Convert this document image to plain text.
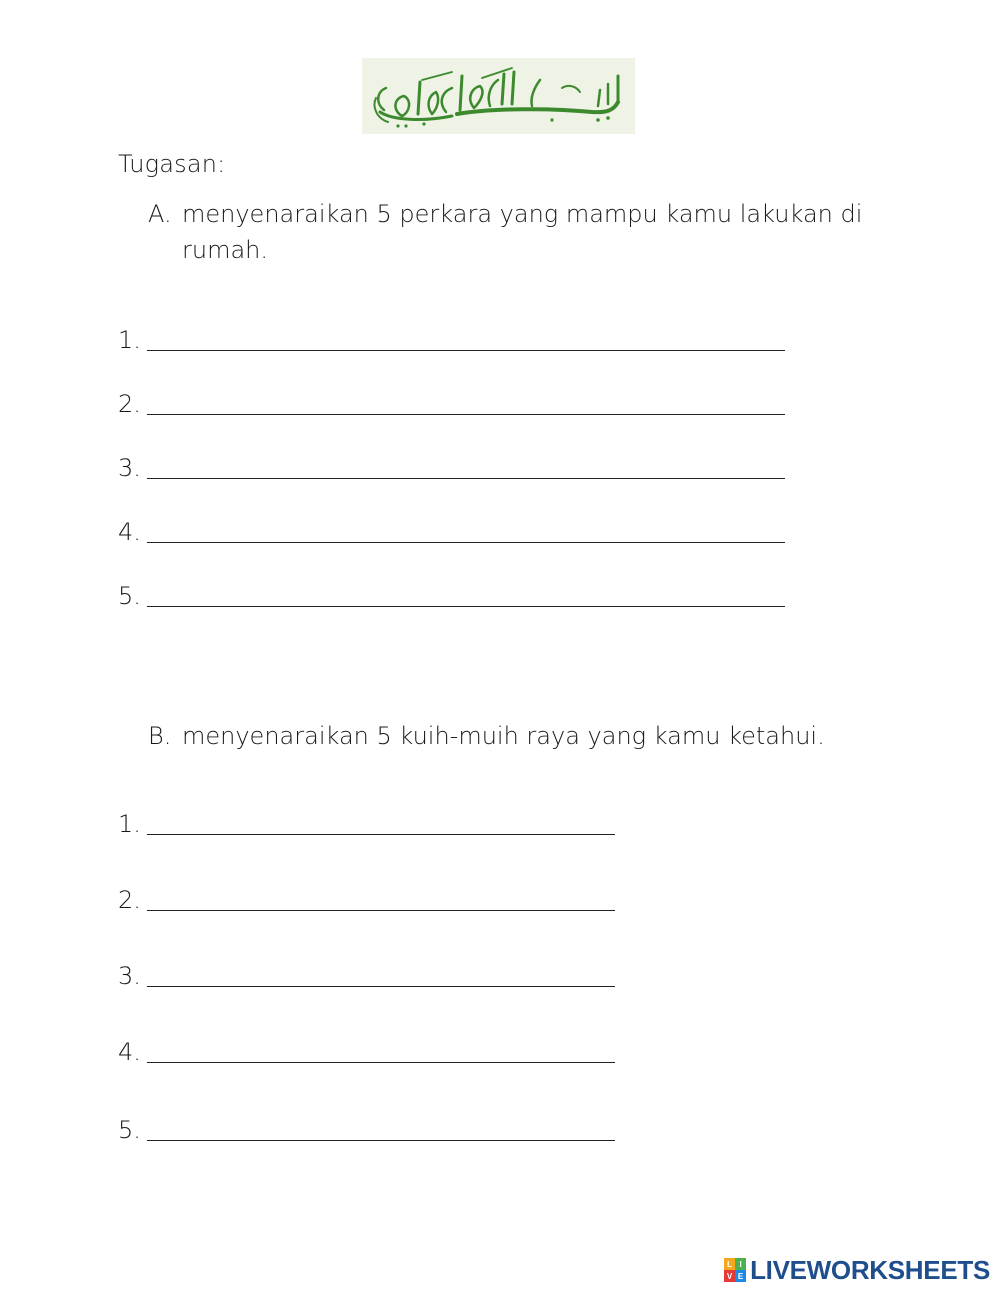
Tugasan:
A. menyenaraikan 5 perkara yang mampu kamu lakukan di rumah.
1.
2.
3.
4.
5.
B. menyenaraikan 5 kuih-muih raya yang kamu ketahui.
1.
2.
3.
4.
5.
L I
V E LIVEWORKSHEETS
